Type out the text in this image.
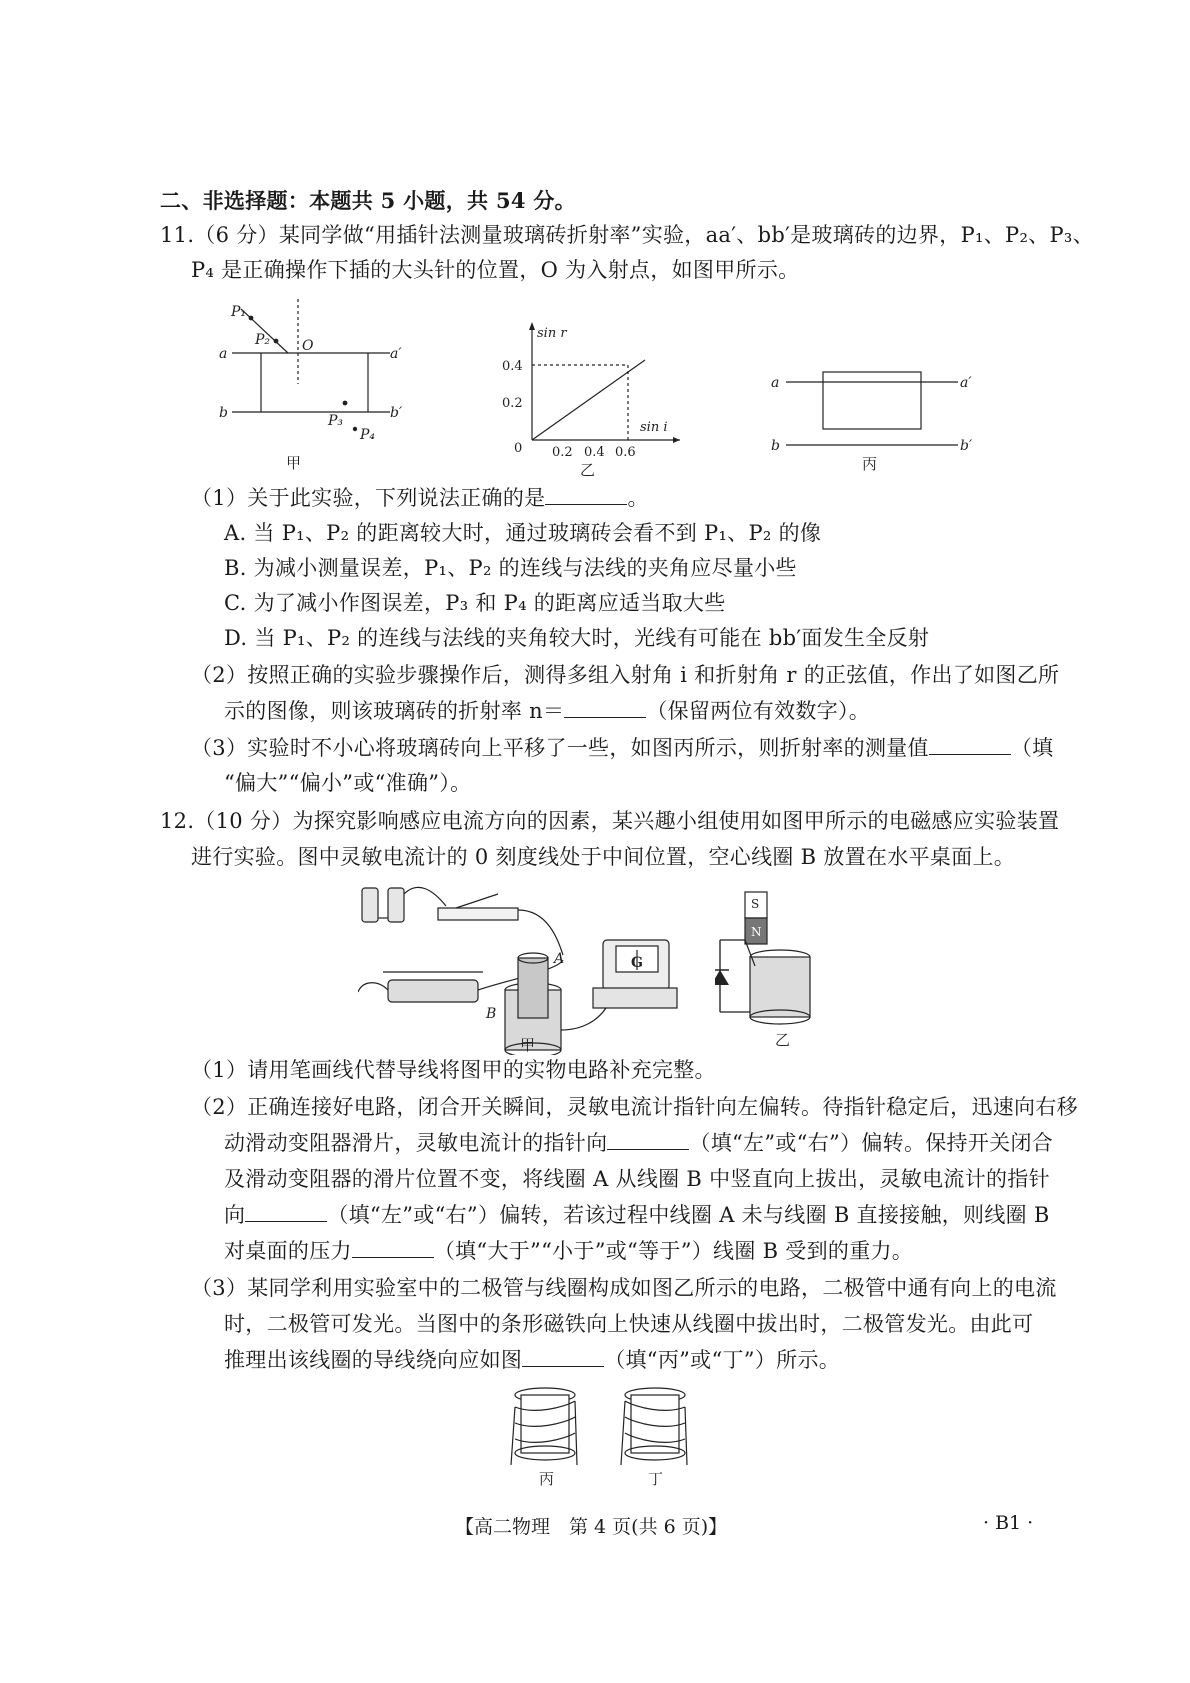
二、非选择题：本题共 5 小题，共 54 分。
11.（6 分）某同学做“用插针法测量玻璃砖折射率”实验，aa′、bb′是玻璃砖的边界，P₁、P₂、P₃、
P₄ 是正确操作下插的大头针的位置，O 为入射点，如图甲所示。
P₁
P₂ O
a	a′
b	b′
P₃
P₄
甲
sin r
sin i
0
0.4
0.2
0.2 0.4 0.6
乙
a	a′
b	b′
丙
（1）关于此实验，下列说法正确的是	。
A. 当 P₁、P₂ 的距离较大时，通过玻璃砖会看不到 P₁、P₂ 的像
B. 为减小测量误差，P₁、P₂ 的连线与法线的夹角应尽量小些
C. 为了减小作图误差，P₃ 和 P₄ 的距离应适当取大些
D. 当 P₁、P₂ 的连线与法线的夹角较大时，光线有可能在 bb′面发生全反射
（2）按照正确的实验步骤操作后，测得多组入射角 i 和折射角 r 的正弦值，作出了如图乙所
示的图像，则该玻璃砖的折射率 n＝	（保留两位有效数字）。
（3）实验时不小心将玻璃砖向上平移了一些，如图丙所示，则折射率的测量值	（填
“偏大”“偏小”或“准确”）。
12.（10 分）为探究影响感应电流方向的因素，某兴趣小组使用如图甲所示的电磁感应实验装置
进行实验。图中灵敏电流计的 0 刻度线处于中间位置，空心线圈 B 放置在水平桌面上。
A
B
G
甲
S
N
乙
（1）请用笔画线代替导线将图甲的实物电路补充完整。
（2）正确连接好电路，闭合开关瞬间，灵敏电流计指针向左偏转。待指针稳定后，迅速向右移
动滑动变阻器滑片，灵敏电流计的指针向	（填“左”或“右”）偏转。保持开关闭合
及滑动变阻器的滑片位置不变，将线圈 A 从线圈 B 中竖直向上拔出，灵敏电流计的指针
向	（填“左”或“右”）偏转，若该过程中线圈 A 未与线圈 B 直接接触，则线圈 B
对桌面的压力	（填“大于”“小于”或“等于”）线圈 B 受到的重力。
（3）某同学利用实验室中的二极管与线圈构成如图乙所示的电路，二极管中通有向上的电流
时，二极管可发光。当图中的条形磁铁向上快速从线圈中拔出时，二极管发光。由此可
推理出该线圈的导线绕向应如图	（填“丙”或“丁”）所示。
丙	丁
【高二物理　第 4 页(共 6 页)】	· B1 ·
